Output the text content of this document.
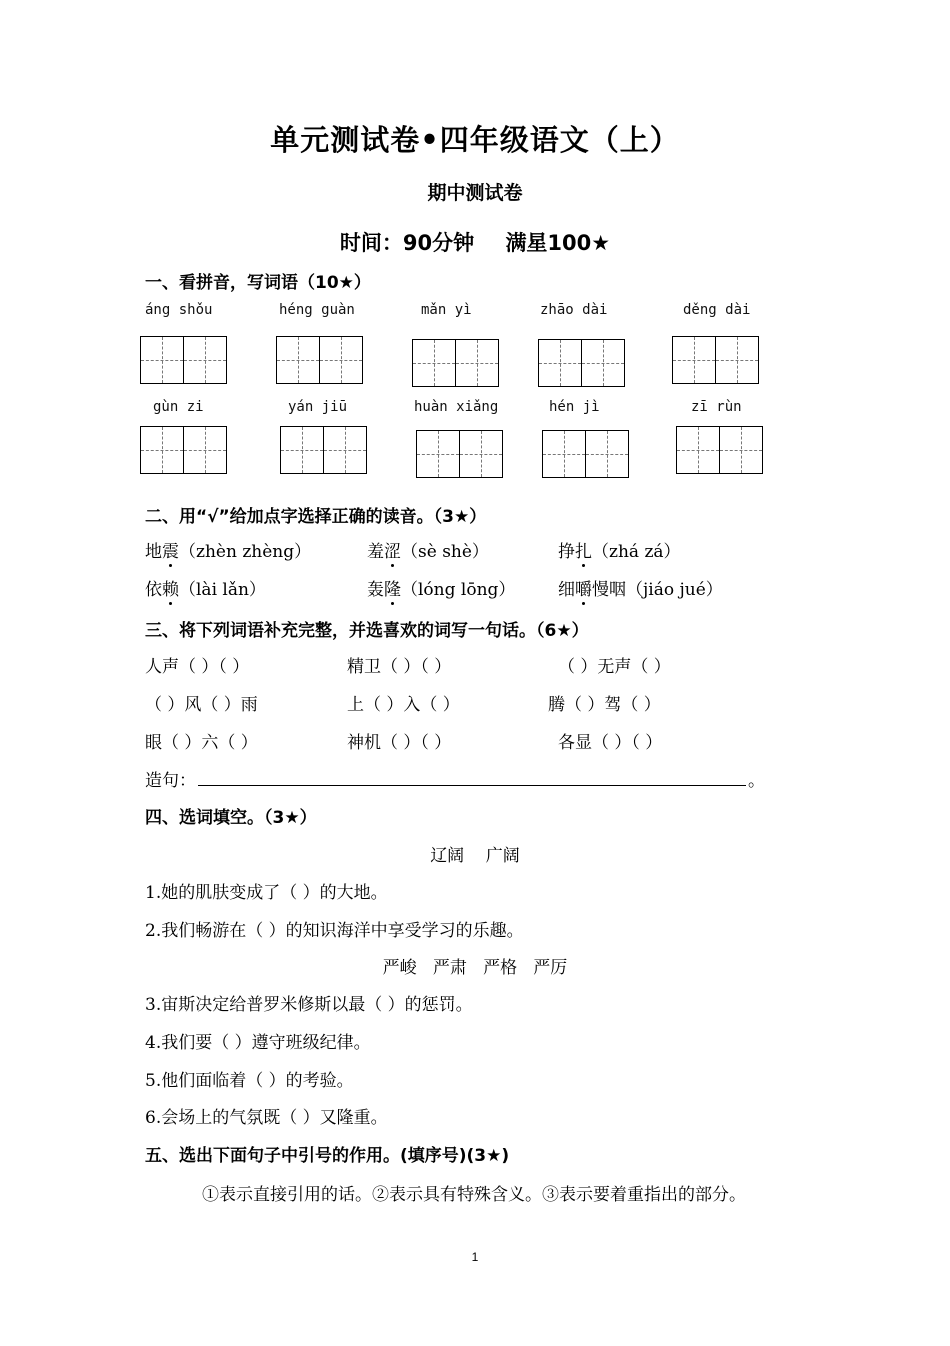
单元测试卷•四年级语文（上）
期中测试卷
时间：90分钟 满星100★
一、看拼音，写词语（10★）
áng shǒu	héng guàn	mǎn yì	zhāo dài	děng dài
gùn zi	yán jiū	huàn xiǎng	hén jì	zī rùn
二、用“√”给加点字选择正确的读音。（3★）
地震（zhèn zhèng）	羞涩（sè shè）	挣扎（zhá zá）
依赖（lài lǎn）	轰隆（lóng lōng）	细嚼慢咽（jiáo jué）
三、将下列词语补充完整，并选喜欢的词写一句话。（6★）
人声（ ）（ ）	精卫（ ）（ ）	（ ）无声（ ）
（ ）风（ ）雨	上（ ）入（ ）	腾（ ）驾（ ）
眼（ ）六（ ）	神机（ ）（ ）	各显（ ）（ ）
造句：	。
四、选词填空。（3★）
辽阔    广阔
1.她的肌肤变成了（ ）的大地。
2.我们畅游在（ ）的知识海洋中享受学习的乐趣。
严峻   严肃   严格   严厉
3.宙斯决定给普罗米修斯以最（ ）的惩罚。
4.我们要（ ）遵守班级纪律。
5.他们面临着（ ）的考验。
6.会场上的气氛既（ ）又隆重。
五、选出下面句子中引号的作用。(填序号)(3★)
①表示直接引用的话。②表示具有特殊含义。③表示要着重指出的部分。
1
